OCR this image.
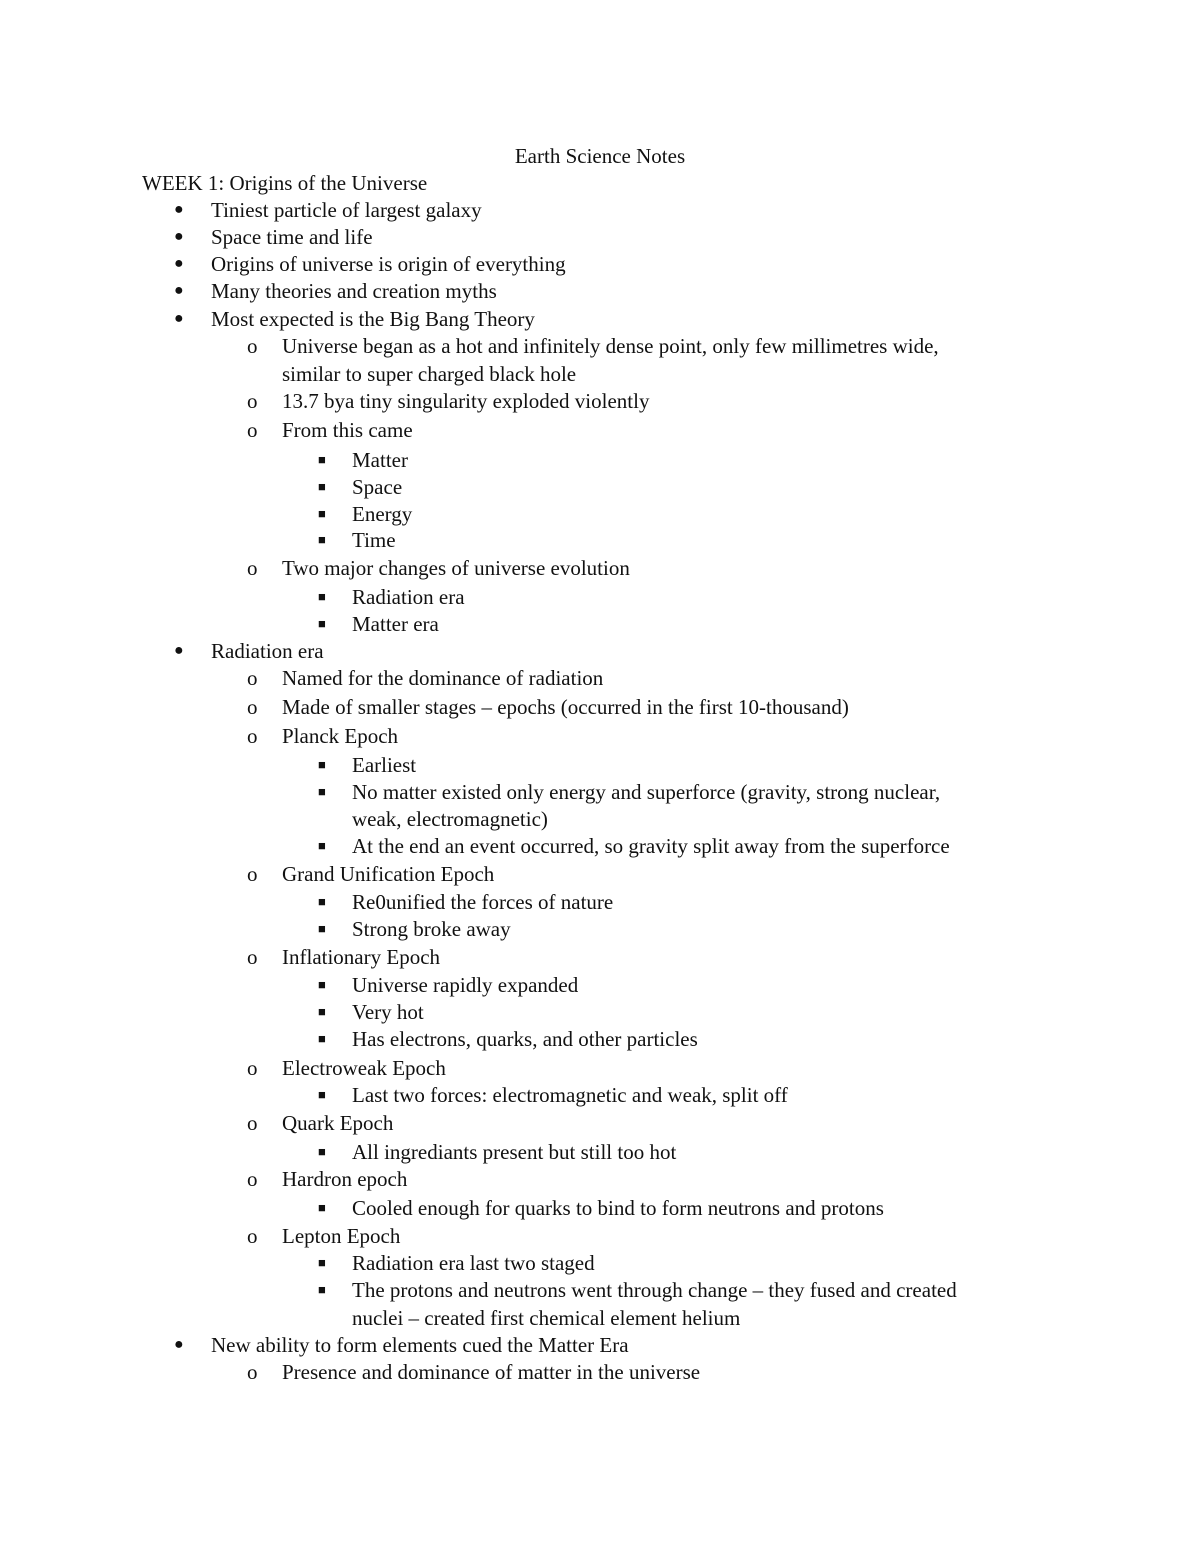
Earth Science Notes
WEEK 1: Origins of the Universe
● Tiniest particle of largest galaxy
● Space time and life
● Origins of universe is origin of everything
● Many theories and creation myths
● Most expected is the Big Bang Theory
o Universe began as a hot and infinitely dense point, only few millimetres wide,
similar to super charged black hole
o 13.7 bya tiny singularity exploded violently
o From this came
■ Matter
■ Space
■ Energy
■ Time
o Two major changes of universe evolution
■ Radiation era
■ Matter era
● Radiation era
o Named for the dominance of radiation
o Made of smaller stages – epochs (occurred in the first 10-thousand)
o Planck Epoch
■ Earliest
■ No matter existed only energy and superforce (gravity, strong nuclear,
weak, electromagnetic)
■ At the end an event occurred, so gravity split away from the superforce
o Grand Unification Epoch
■ Re0unified the forces of nature
■ Strong broke away
o Inflationary Epoch
■ Universe rapidly expanded
■ Very hot
■ Has electrons, quarks, and other particles
o Electroweak Epoch
■ Last two forces: electromagnetic and weak, split off
o Quark Epoch
■ All ingrediants present but still too hot
o Hardron epoch
■ Cooled enough for quarks to bind to form neutrons and protons
o Lepton Epoch
■ Radiation era last two staged
■ The protons and neutrons went through change – they fused and created
nuclei – created first chemical element helium
● New ability to form elements cued the Matter Era
o Presence and dominance of matter in the universe
